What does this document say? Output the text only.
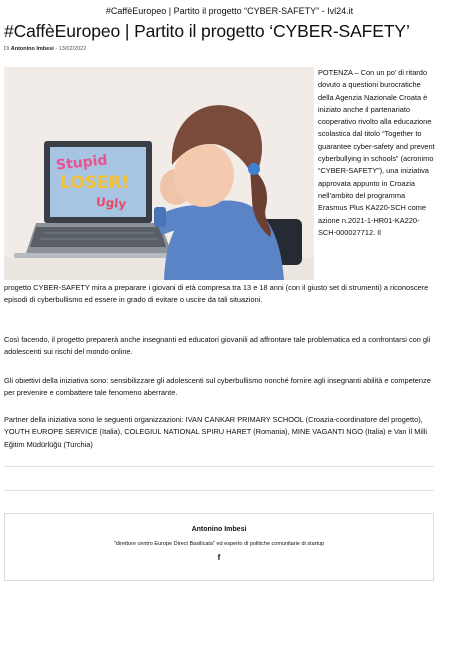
#CaffèEuropeo | Partito il progetto “CYBER-SAFETY” - Ivl24.it
#CaffèEuropeo | Partito il progetto ‘CYBER-SAFETY’
Di Antonino Imbesi - 13/02/2022
Stupid
LOSER!
Ugly
POTENZA – Con un po’ di ritardo dovuto a questioni burocratiche della Agenzia Nazionale Croata è iniziato anche il partenariato cooperativo rivolto alla educazione scolastica dal titolo “Together to guarantee cyber-safety and prevent cyberbullying in schools” (acronimo “CYBER-SAFETY”), una iniziativa approvata appunto in Croazia nell’ambito del programma Erasmus Plus KA220-SCH come azione n.2021-1-HR01-KA220-SCH-000027712. Il

progetto CYBER-SAFETY mira a preparare i giovani di età compresa tra 13 e 18 anni (con il giusto set di strumenti) a riconoscere episodi di cyberbullismo ed essere in grado di evitare o uscire da tali situazioni.

Così facendo, il progetto preparerà anche insegnanti ed educatori giovanili ad affrontare tale problematica ed a confrontarsi con gli adolescenti sui rischi del mondo online.

Gli obiettivi della iniziativa sono: sensibilizzare gli adolescenti sul cyberbullismo nonché fornire agli insegnanti abilità e competenze per prevenire e combattere tale fenomeno aberrante.

Partner della iniziativa sono le seguenti organizzazioni: IVAN CANKAR PRIMARY SCHOOL (Croazia-coordinatore del progetto), YOUTH EUROPE SERVICE (Italia), COLEGIUL NATIONAL SPIRU HARET (Romania), MINE VAGANTI NGO (Italia) e Van İl Milli Eğitim Müdürlüğü (Turchia)

Antonino Imbesi
"direttore centro Europe Direct Basilicata" ed esperto di politiche comunitarie di startup
f
